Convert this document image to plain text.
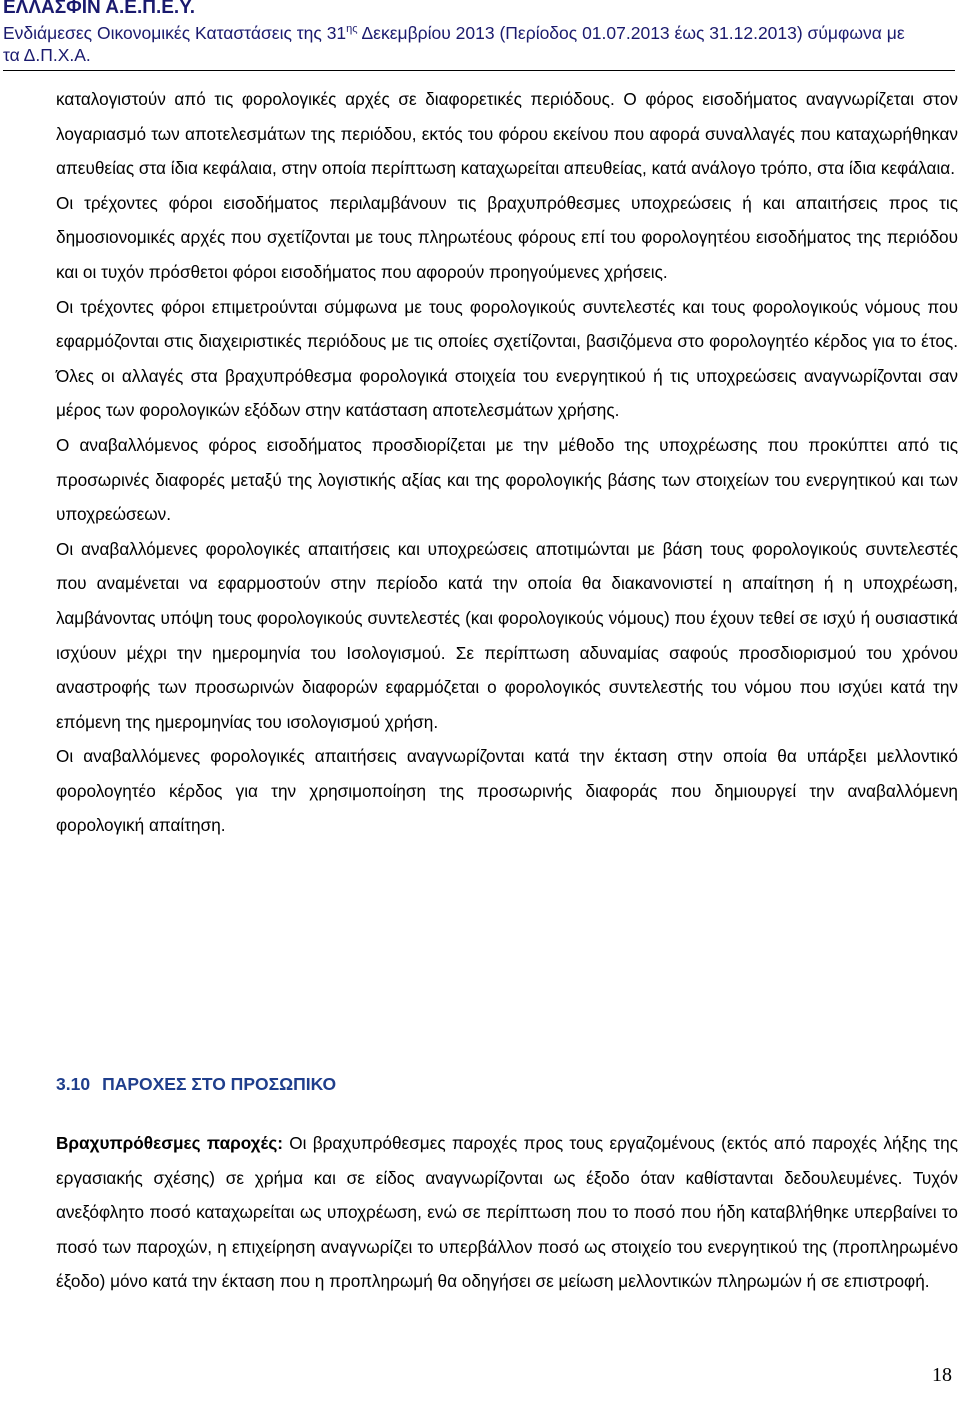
ΕΛΛΑΣΦΙΝ Α.Ε.Π.Ε.Υ.
Ενδιάμεσες Οικονομικές Καταστάσεις της $31^{\eta\varsigma}$ Δεκεμβρίου 2013 (Περίοδος 01.07.2013 έως 31.12.2013) σύμφωνα με
τα Δ.Π.Χ.Α.

καταλογιστούν από τις φορολογικές αρχές σε διαφορετικές περιόδους. Ο φόρος εισοδήματος αναγνωρίζεται στον λογαριασμό των αποτελεσμάτων της περιόδου, εκτός του φόρου εκείνου που αφορά συναλλαγές που καταχωρήθηκαν απευθείας στα ίδια κεφάλαια, στην οποία περίπτωση καταχωρείται απευθείας, κατά ανάλογο τρόπο, στα ίδια κεφάλαια.

Οι τρέχοντες φόροι εισοδήματος περιλαμβάνουν τις βραχυπρόθεσμες υποχρεώσεις ή και απαιτήσεις προς τις δημοσιονομικές αρχές που σχετίζονται με τους πληρωτέους φόρους επί του φορολογητέου εισοδήματος της περιόδου και οι τυχόν πρόσθετοι φόροι εισοδήματος που αφορούν προηγούμενες χρήσεις.

Οι τρέχοντες φόροι επιμετρούνται σύμφωνα με τους φορολογικούς συντελεστές και τους φορολογικούς νόμους που εφαρμόζονται στις διαχειριστικές περιόδους με τις οποίες σχετίζονται, βασιζόμενα στο φορολογητέο κέρδος για το έτος. Όλες οι αλλαγές στα βραχυπρόθεσμα φορολογικά στοιχεία του ενεργητικού ή τις υποχρεώσεις αναγνωρίζονται σαν μέρος των φορολογικών εξόδων στην κατάσταση αποτελεσμάτων χρήσης.

Ο αναβαλλόμενος φόρος εισοδήματος προσδιορίζεται με την μέθοδο της υποχρέωσης που προκύπτει από τις προσωρινές διαφορές μεταξύ της λογιστικής αξίας και της φορολογικής βάσης των στοιχείων του ενεργητικού και των υποχρεώσεων.

Οι αναβαλλόμενες φορολογικές απαιτήσεις και υποχρεώσεις αποτιμώνται με βάση τους φορολογικούς συντελεστές που αναμένεται να εφαρμοστούν στην περίοδο κατά την οποία θα διακανονιστεί η απαίτηση ή η υποχρέωση, λαμβάνοντας υπόψη τους φορολογικούς συντελεστές (και φορολογικούς νόμους) που έχουν τεθεί σε ισχύ ή ουσιαστικά ισχύουν μέχρι την ημερομηνία του Ισολογισμού. Σε περίπτωση αδυναμίας σαφούς προσδιορισμού του χρόνου αναστροφής των προσωρινών διαφορών εφαρμόζεται ο φορολογικός συντελεστής του νόμου που ισχύει κατά την επόμενη της ημερομηνίας του ισολογισμού χρήση.

Οι αναβαλλόμενες φορολογικές απαιτήσεις αναγνωρίζονται κατά την έκταση στην οποία θα υπάρξει μελλοντικό φορολογητέο κέρδος για την χρησιμοποίηση της προσωρινής διαφοράς που δημιουργεί την αναβαλλόμενη φορολογική απαίτηση.

3.10 ΠΑΡΟΧΕΣ ΣΤΟ ΠΡΟΣΩΠΙΚΟ
Βραχυπρόθεσμες παροχές: Οι βραχυπρόθεσμες παροχές προς τους εργαζομένους (εκτός από παροχές λήξης της εργασιακής σχέσης) σε χρήμα και σε είδος αναγνωρίζονται ως έξοδο όταν καθίστανται δεδουλευμένες. Τυχόν ανεξόφλητο ποσό καταχωρείται ως υποχρέωση, ενώ σε περίπτωση που το ποσό που ήδη καταβλήθηκε υπερβαίνει το ποσό των παροχών, η επιχείρηση αναγνωρίζει το υπερβάλλον ποσό ως στοιχείο του ενεργητικού της (προπληρωμένο έξοδο) μόνο κατά την έκταση που η προπληρωμή θα οδηγήσει σε μείωση μελλοντικών πληρωμών ή σε επιστροφή.
18
